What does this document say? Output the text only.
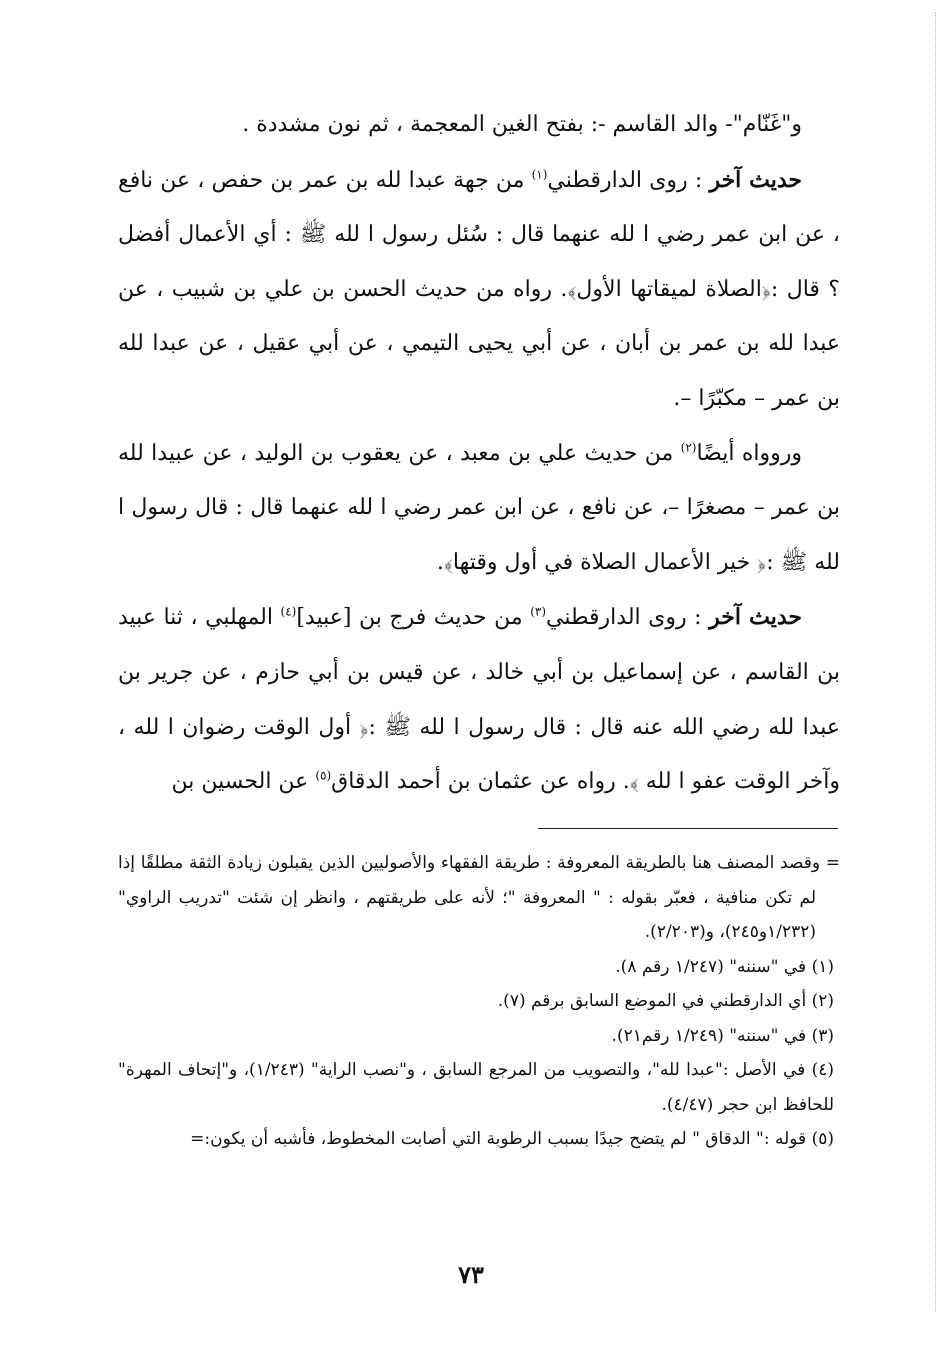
و"غَنّام"- والد القاسم -: بفتح الغين المعجمة ، ثم نون مشددة .

حديث آخر : روى الدارقطني$^{(١)}$ من جهة عبدا لله بن عمر بن حفص ، عن نافع ، عن ابن عمر رضي ا لله عنهما قال : سُئل رسول ا لله ﷺ : أي الأعمال أفضل ؟ قال :﴿الصلاة لميقاتها الأول﴾. رواه من حديث الحسن بن علي بن شبيب ، عن عبدا لله بن عمر بن أبان ، عن أبي يحيى التيمي ، عن أبي عقيل ، عن عبدا لله بن عمر – مكبّرًا –.

وروواه أيضًا$^{(٢)}$ من حديث علي بن معبد ، عن يعقوب بن الوليد ، عن عبيدا لله بن عمر – مصغرًا –، عن نافع ، عن ابن عمر رضي ا لله عنهما قال : قال رسول ا لله ﷺ :﴿ خير الأعمال الصلاة في أول وقتها﴾.

حديث آخر : روى الدارقطني$^{(٣)}$ من حديث فرج بن [عبيد]$^{(٤)}$ المهلبي ، ثنا عبيد بن القاسم ، عن إسماعيل بن أبي خالد ، عن قيس بن أبي حازم ، عن جرير بن عبدا لله رضي الله عنه قال : قال رسول ا لله ﷺ :﴿ أول الوقت رضوان ا لله ، وآخر الوقت عفو ا لله ﴾. رواه عن عثمان بن أحمد الدقاق$^{(٥)}$ عن الحسين بن

= وقصد المصنف هنا بالطريقة المعروفة : طريقة الفقهاء والأصوليين الذين يقبلون زيادة الثقة مطلقًا إذا لم تكن منافية ، فعبّر بقوله : " المعروفة "؛ لأنه على طريقتهم ، وانظر إن شئت "تدريب الراوي" (١/٢٣٢و٢٤٥)، و(٢/٢٠٣).

(١) في "سننه" (١/٢٤٧ رقم ٨).

(٢) أي الدارقطني في الموضع السابق برقم (٧).

(٣) في "سننه" (١/٢٤٩ رقم٢١).

(٤) في الأصل :"عبدا لله"، والتصويب من المرجع السابق ، و"نصب الراية" (١/٢٤٣)، و"إتحاف المهرة" للحافظ ابن حجر (٤/٤٧).

(٥) قوله :" الدقاق " لم يتضح جيدًا بسبب الرطوبة التي أصابت المخطوط، فأشبه أن يكون:=

٧٣
